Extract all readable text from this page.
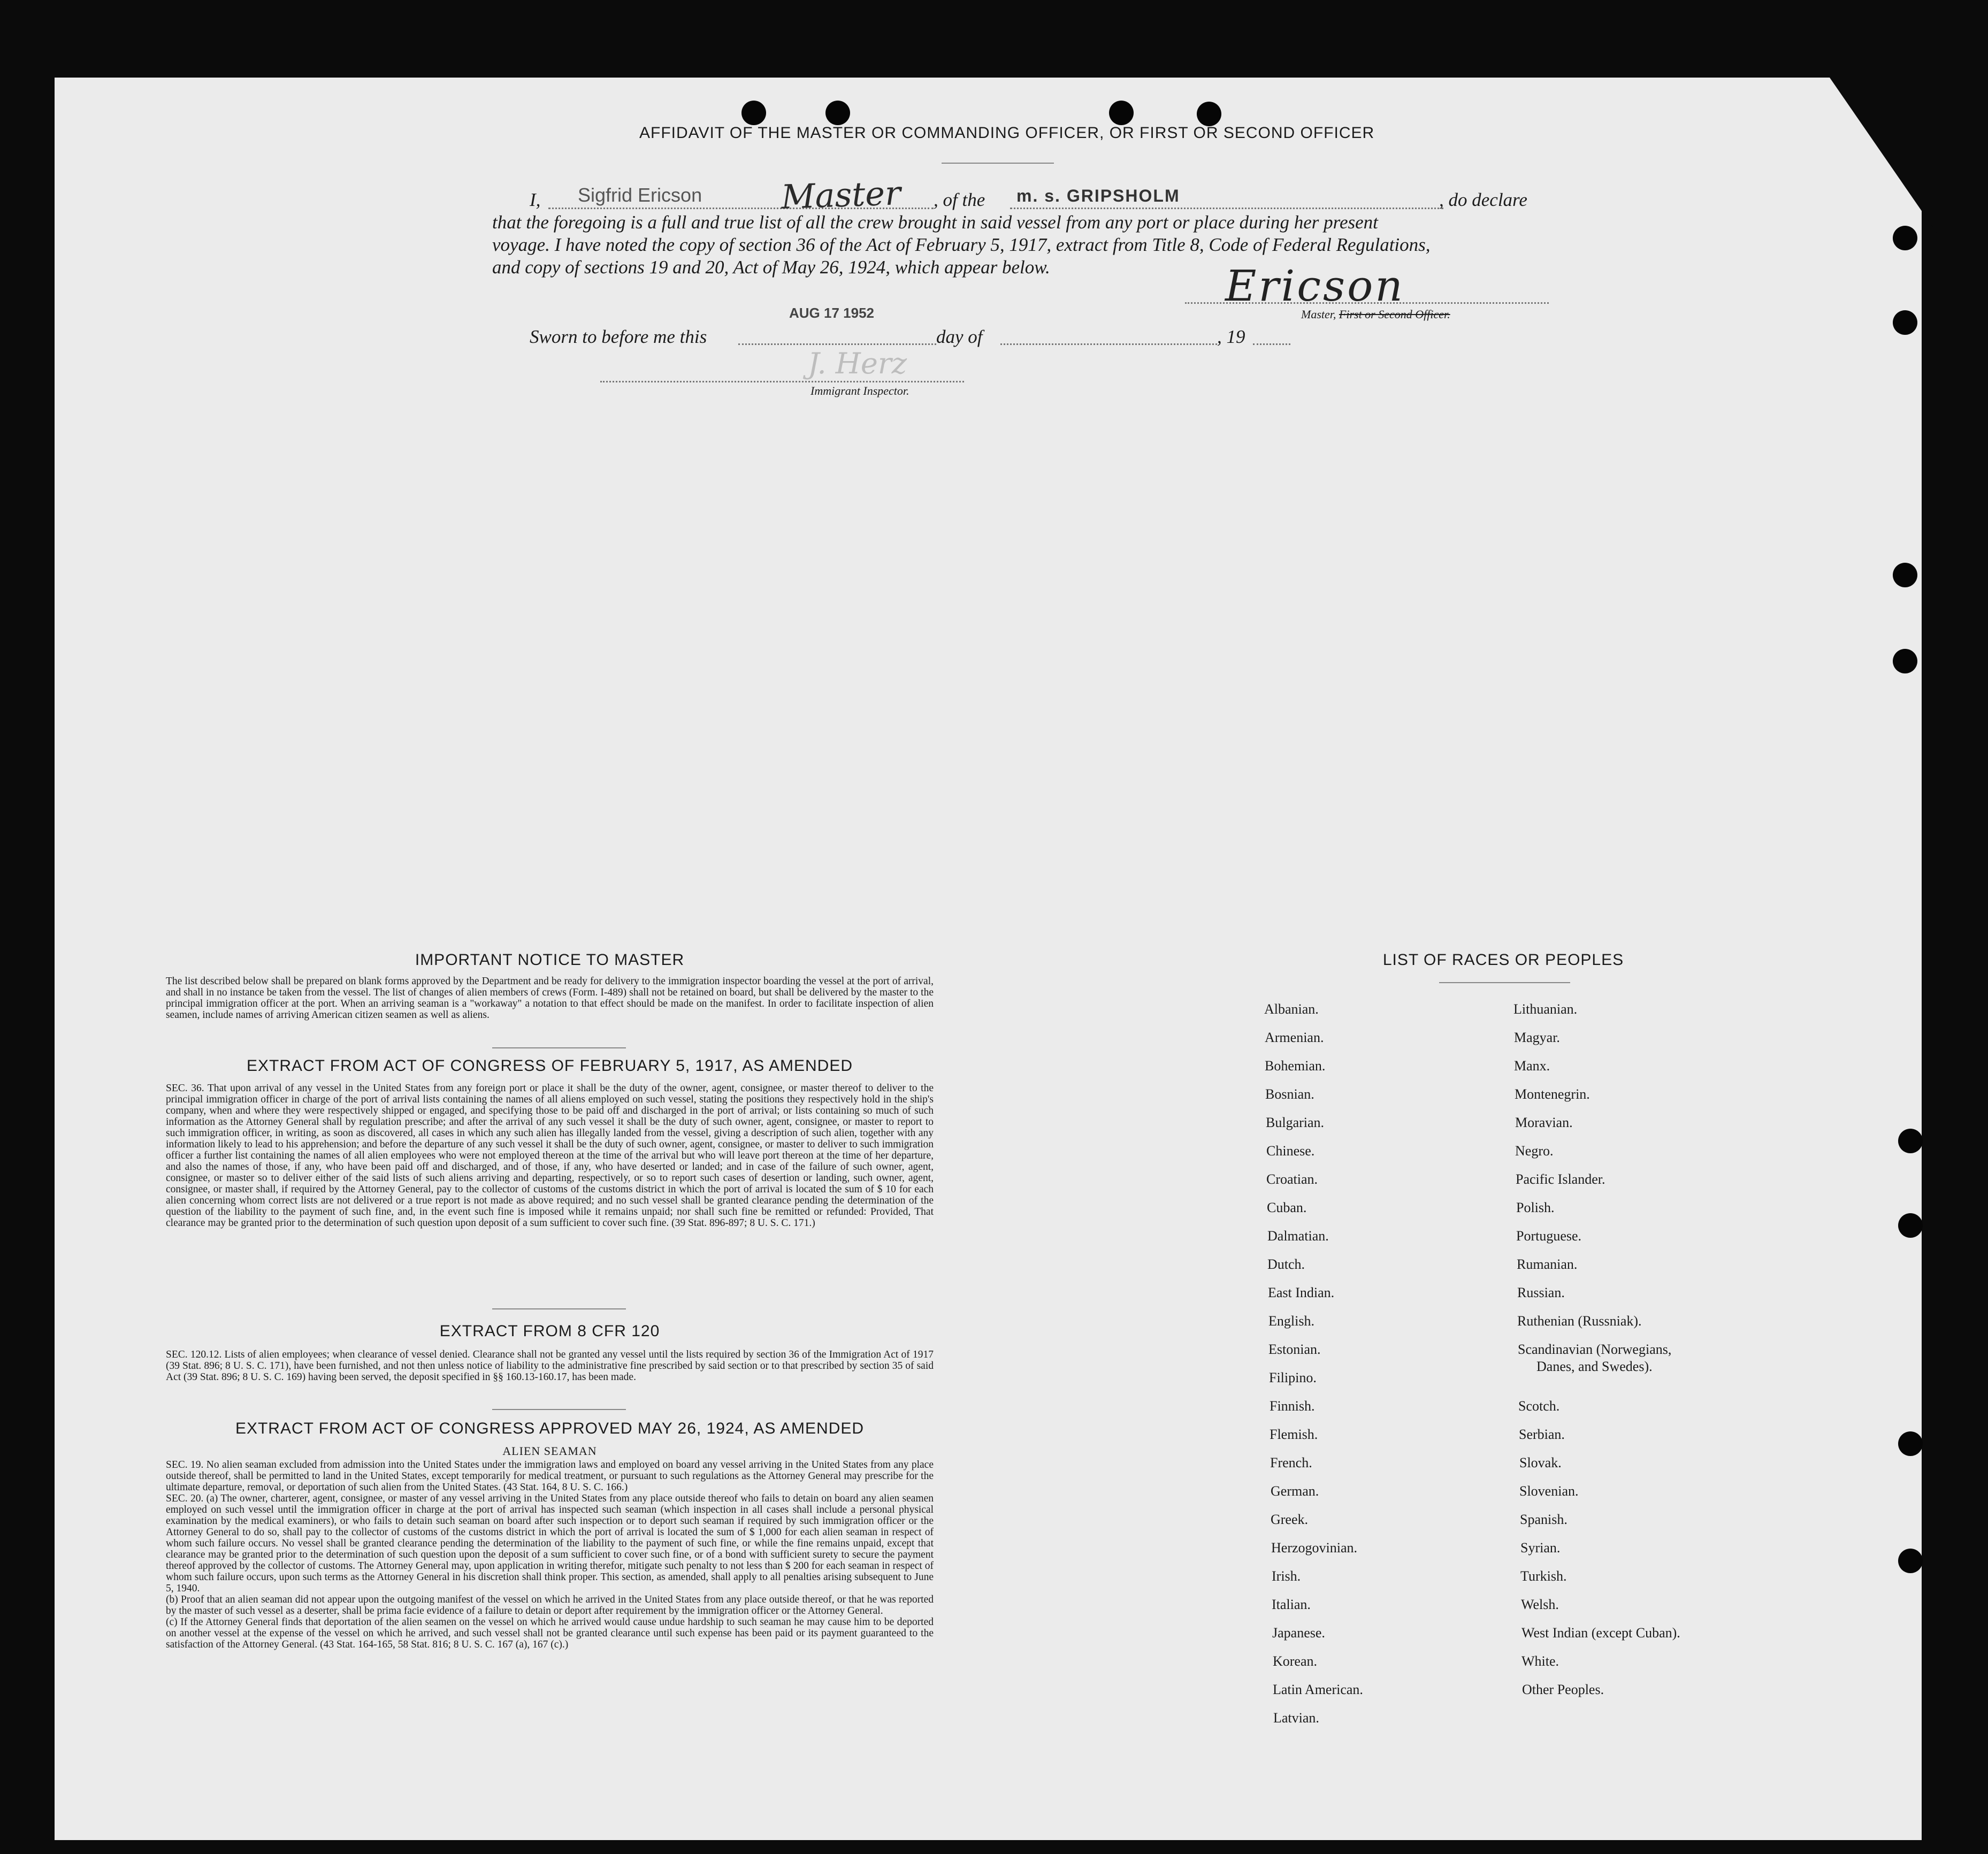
AFFIDAVIT OF THE MASTER OR COMMANDING OFFICER, OR FIRST OR SECOND OFFICER
I, Sigfrid Ericson Master , of the m. s. GRIPSHOLM	, do declare
that the foregoing is a full and true list of all the crew brought in said vessel from any port or place during her present
voyage. I have noted the copy of section 36 of the Act of February 5, 1917, extract from Title 8, Code of Federal Regulations,
and copy of sections 19 and 20, Act of May 26, 1924, which appear below.	Ericson
Master, First or Second Officer.
Sworn to before me this
AUG 17 1952
day of	, 19
J. Herz
Immigrant Inspector.
IMPORTANT NOTICE TO MASTER
The list described below shall be prepared on blank forms approved by the Department and be ready for delivery to the immigration inspector boarding the vessel at the port of arrival, and shall in no instance be taken from the vessel. The list of changes of alien members of crews (Form. I-489) shall not be retained on board, but shall be delivered by the master to the principal immigration officer at the port. When an arriving seaman is a "workaway" a notation to that effect should be made on the manifest. In order to facilitate inspection of alien seamen, include names of arriving American citizen seamen as well as aliens.
EXTRACT FROM ACT OF CONGRESS OF FEBRUARY 5, 1917, AS AMENDED
SEC. 36. That upon arrival of any vessel in the United States from any foreign port or place it shall be the duty of the owner, agent, consignee, or master thereof to deliver to the principal immigration officer in charge of the port of arrival lists containing the names of all aliens employed on such vessel, stating the positions they respectively hold in the ship's company, when and where they were respectively shipped or engaged, and specifying those to be paid off and discharged in the port of arrival; or lists containing so much of such information as the Attorney General shall by regulation prescribe; and after the arrival of any such vessel it shall be the duty of such owner, agent, consignee, or master to report to such immigration officer, in writing, as soon as discovered, all cases in which any such alien has illegally landed from the vessel, giving a description of such alien, together with any information likely to lead to his apprehension; and before the departure of any such vessel it shall be the duty of such owner, agent, consignee, or master to deliver to such immigration officer a further list containing the names of all alien employees who were not employed thereon at the time of the arrival but who will leave port thereon at the time of her departure, and also the names of those, if any, who have been paid off and discharged, and of those, if any, who have deserted or landed; and in case of the failure of such owner, agent, consignee, or master so to deliver either of the said lists of such aliens arriving and departing, respectively, or so to report such cases of desertion or landing, such owner, agent, consignee, or master shall, if required by the Attorney General, pay to the collector of customs of the customs district in which the port of arrival is located the sum of $ 10 for each alien concerning whom correct lists are not delivered or a true report is not made as above required; and no such vessel shall be granted clearance pending the determination of the question of the liability to the payment of such fine, and, in the event such fine is imposed while it remains unpaid; nor shall such fine be remitted or refunded: Provided, That clearance may be granted prior to the determination of such question upon deposit of a sum sufficient to cover such fine. (39 Stat. 896-897; 8 U. S. C. 171.)
EXTRACT FROM 8 CFR 120
SEC. 120.12. Lists of alien employees; when clearance of vessel denied. Clearance shall not be granted any vessel until the lists required by section 36 of the Immigration Act of 1917 (39 Stat. 896; 8 U. S. C. 171), have been furnished, and not then unless notice of liability to the administrative fine prescribed by said section or to that prescribed by section 35 of said Act (39 Stat. 896; 8 U. S. C. 169) having been served, the deposit specified in §§ 160.13-160.17, has been made.
EXTRACT FROM ACT OF CONGRESS APPROVED MAY 26, 1924, AS AMENDED
ALIEN SEAMAN
SEC. 19. No alien seaman excluded from admission into the United States under the immigration laws and employed on board any vessel arriving in the United States from any place outside thereof, shall be permitted to land in the United States, except temporarily for medical treatment, or pursuant to such regulations as the Attorney General may prescribe for the ultimate departure, removal, or deportation of such alien from the United States. (43 Stat. 164, 8 U. S. C. 166.)
SEC. 20. (a) The owner, charterer, agent, consignee, or master of any vessel arriving in the United States from any place outside thereof who fails to detain on board any alien seamen employed on such vessel until the immigration officer in charge at the port of arrival has inspected such seaman (which inspection in all cases shall include a personal physical examination by the medical examiners), or who fails to detain such seaman on board after such inspection or to deport such seaman if required by such immigration officer or the Attorney General to do so, shall pay to the collector of customs of the customs district in which the port of arrival is located the sum of $ 1,000 for each alien seaman in respect of whom such failure occurs. No vessel shall be granted clearance pending the determination of the liability to the payment of such fine, or while the fine remains unpaid, except that clearance may be granted prior to the determination of such question upon the deposit of a sum sufficient to cover such fine, or of a bond with sufficient surety to secure the payment thereof approved by the collector of customs. The Attorney General may, upon application in writing therefor, mitigate such penalty to not less than $ 200 for each seaman in respect of whom such failure occurs, upon such terms as the Attorney General in his discretion shall think proper. This section, as amended, shall apply to all penalties arising subsequent to June 5, 1940.
(b) Proof that an alien seaman did not appear upon the outgoing manifest of the vessel on which he arrived in the United States from any place outside thereof, or that he was reported by the master of such vessel as a deserter, shall be prima facie evidence of a failure to detain or deport after requirement by the immigration officer or the Attorney General.
(c) If the Attorney General finds that deportation of the alien seamen on the vessel on which he arrived would cause undue hardship to such seaman he may cause him to be deported on another vessel at the expense of the vessel on which he arrived, and such vessel shall not be granted clearance until such expense has been paid or its payment guaranteed to the satisfaction of the Attorney General. (43 Stat. 164-165, 58 Stat. 816; 8 U. S. C. 167 (a), 167 (c).)
LIST OF RACES OR PEOPLES
Albanian.
Armenian.
Bohemian.
Bosnian.
Bulgarian.
Chinese.
Croatian.
Cuban.
Dalmatian.
Dutch.
East Indian.
English.
Estonian.
Filipino.
Finnish.
Flemish.
French.
German.
Greek.
Herzogovinian.
Irish.
Italian.
Japanese.
Korean.
Latin American.
Latvian.
Lithuanian.
Magyar.
Manx.
Montenegrin.
Moravian.
Negro.
Pacific Islander.
Polish.
Portuguese.
Rumanian.
Russian.
Ruthenian (Russniak).
Scandinavian (Norwegians,
Danes, and Swedes).
Scotch.
Serbian.
Slovak.
Slovenian.
Spanish.
Syrian.
Turkish.
Welsh.
West Indian (except Cuban).
White.
Other Peoples.
